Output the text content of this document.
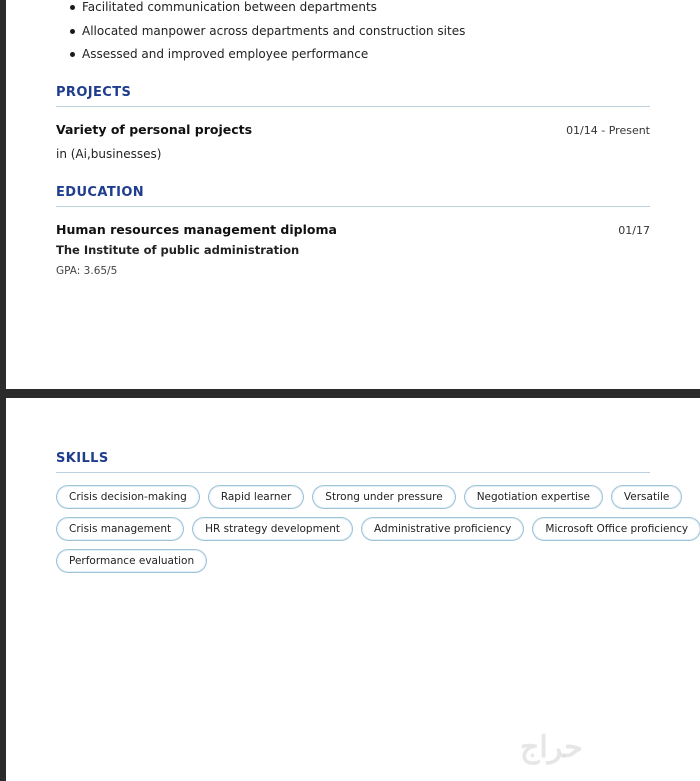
Facilitated communication between departments
Allocated manpower across departments and construction sites
Assessed and improved employee performance
PROJECTS
Variety of personal projects	01/14 - Present
in (Ai,businesses)
EDUCATION
Human resources management diploma	01/17
The Institute of public administration
GPA: 3.65/5
SKILLS
Crisis decision-making	Rapid learner	Strong under pressure	Negotiation expertise	Versatile
Crisis management	HR strategy development	Administrative proficiency	Microsoft Office proficiency
Performance evaluation
حراج
